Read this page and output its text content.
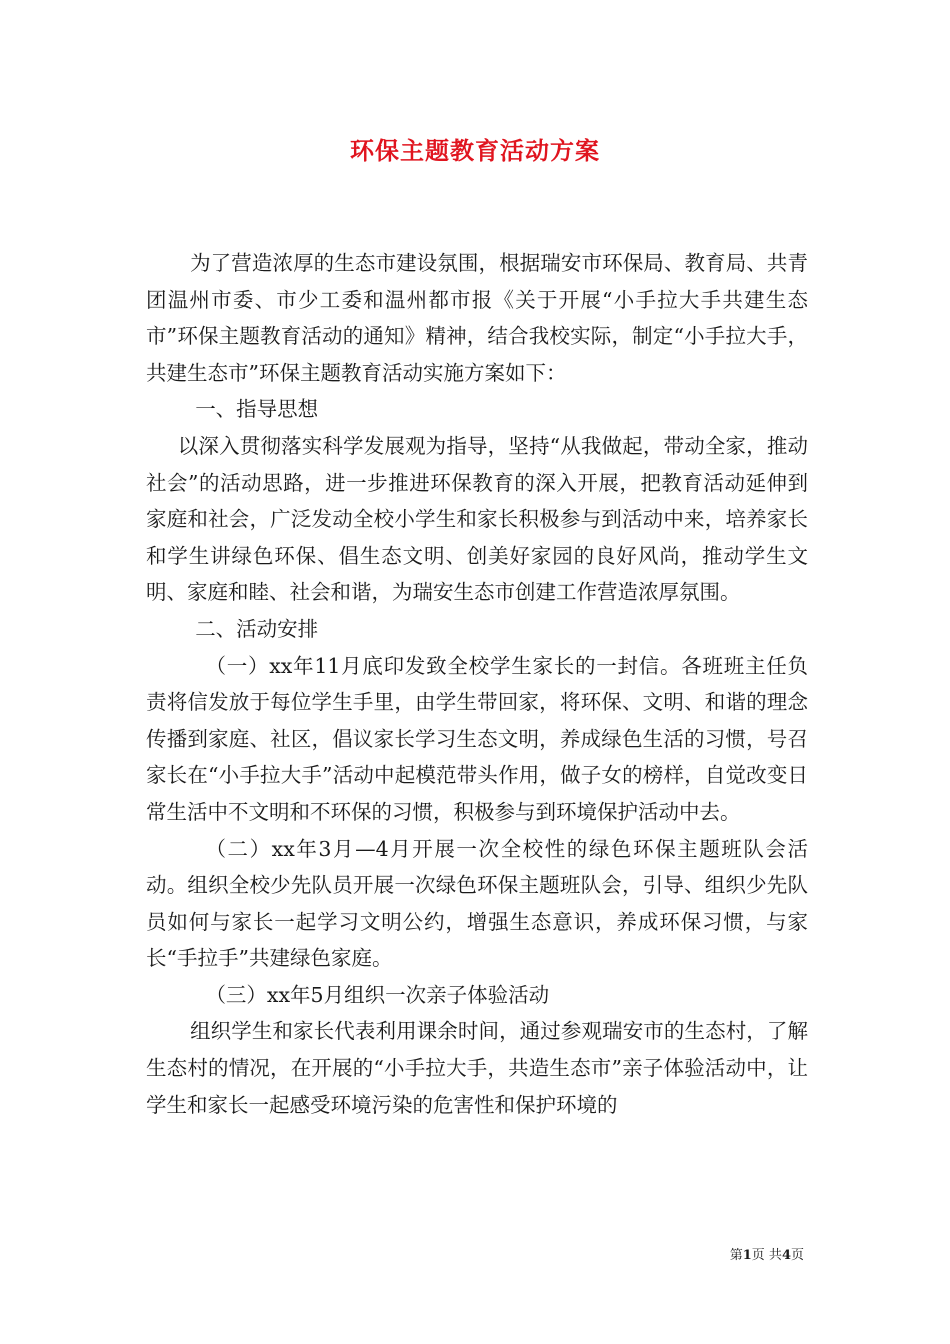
环保主题教育活动方案

为了营造浓厚的生态市建设氛围，根据瑞安市环保局、教育局、共青团温州市委、市少工委和温州都市报《关于开展“小手拉大手共建生态市”环保主题教育活动的通知》精神，结合我校实际，制定“小手拉大手，共建生态市”环保主题教育活动实施方案如下：

一、指导思想

以深入贯彻落实科学发展观为指导，坚持“从我做起，带动全家，推动社会”的活动思路，进一步推进环保教育的深入开展，把教育活动延伸到家庭和社会，广泛发动全校小学生和家长积极参与到活动中来，培养家长和学生讲绿色环保、倡生态文明、创美好家园的良好风尚，推动学生文明、家庭和睦、社会和谐，为瑞安生态市创建工作营造浓厚氛围。

二、活动安排

（一）xx年11月底印发致全校学生家长的一封信。各班班主任负责将信发放于每位学生手里，由学生带回家，将环保、文明、和谐的理念传播到家庭、社区，倡议家长学习生态文明，养成绿色生活的习惯，号召家长在“小手拉大手”活动中起模范带头作用，做子女的榜样，自觉改变日常生活中不文明和不环保的习惯，积极参与到环境保护活动中去。

（二）xx年3月—4月开展一次全校性的绿色环保主题班队会活动。组织全校少先队员开展一次绿色环保主题班队会，引导、组织少先队员如何与家长一起学习文明公约，增强生态意识，养成环保习惯，与家长“手拉手”共建绿色家庭。

（三）xx年5月组织一次亲子体验活动

组织学生和家长代表利用课余时间，通过参观瑞安市的生态村，了解生态村的情况，在开展的“小手拉大手，共造生态市”亲子体验活动中，让学生和家长一起感受环境污染的危害性和保护环境的

第1页 共4页
